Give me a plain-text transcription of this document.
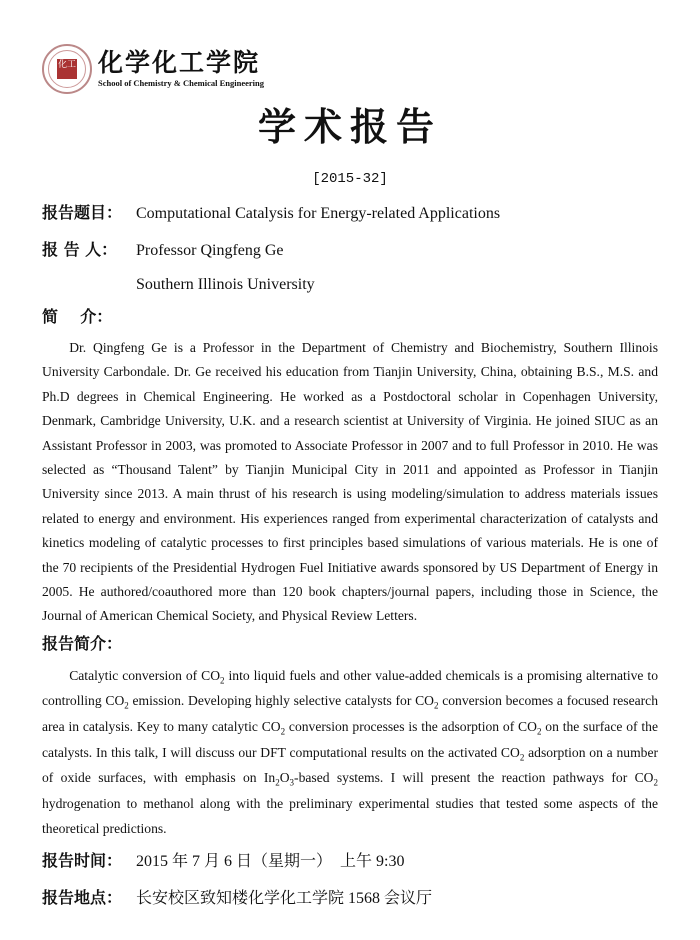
化工 化学化工学院
School of Chemistry & Chemical Engineering
学术报告
[2015-32]
报告题目： Computational Catalysis for Energy-related Applications
报 告 人：	Professor Qingfeng Ge
Southern Illinois University
简    介：
Dr. Qingfeng Ge is a Professor in the Department of Chemistry and Biochemistry, Southern Illinois University Carbondale. Dr. Ge received his education from Tianjin University, China, obtaining B.S., M.S. and Ph.D degrees in Chemical Engineering. He worked as a Postdoctoral scholar in Copenhagen University, Denmark, Cambridge University, U.K. and a research scientist at University of Virginia. He joined SIUC as an Assistant Professor in 2003, was promoted to Associate Professor in 2007 and to full Professor in 2010. He was selected as “Thousand Talent” by Tianjin Municipal City in 2011 and appointed as Professor in Tianjin University since 2013. A main thrust of his research is using modeling/simulation to address materials issues related to energy and environment. His experiences ranged from experimental characterization of catalysts and kinetics modeling of catalytic processes to first principles based simulations of various materials. He is one of the 70 recipients of the Presidential Hydrogen Fuel Initiative awards sponsored by US Department of Energy in 2005. He authored/coauthored more than 120 book chapters/journal papers, including those in Science, the Journal of American Chemical Society, and Physical Review Letters.
报告简介：
Catalytic conversion of $CO_2$ into liquid fuels and other value-added chemicals is a promising alternative to controlling $CO_2$ emission. Developing highly selective catalysts for $CO_2$ conversion becomes a focused research area in catalysis. Key to many catalytic $CO_2$ conversion processes is the adsorption of $CO_2$ on the surface of the catalysts. In this talk, I will discuss our DFT computational results on the activated $CO_2$ adsorption on a number of oxide surfaces, with emphasis on $In_2O_3$-based systems. I will present the reaction pathways for $CO_2$ hydrogenation to methanol along with the preliminary experimental studies that tested some aspects of the theoretical predictions.
报告时间： 2015 年 7 月 6 日（星期一）  上午 9:30
报告地点： 长安校区致知楼化学化工学院 1568 会议厅
